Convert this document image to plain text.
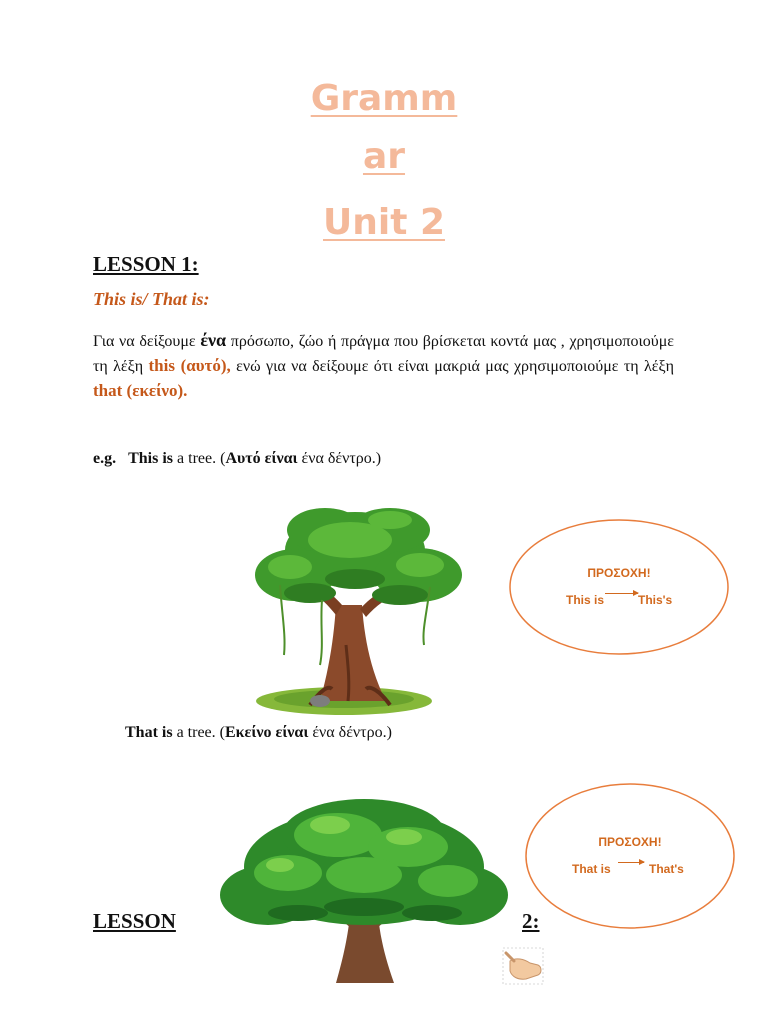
Gramm
ar
Unit 2
LESSON 1:
This is/ That is:
Για να δείξουμε ένα πρόσωπο, ζώο ή πράγμα που βρίσκεται κοντά μας , χρησιμοποιούμε τη λέξη this (αυτό), ενώ για να δείξουμε ότι είναι μακριά μας χρησιμοποιούμε τη λέξη that (εκείνο).
e.g. This is a tree. (Αυτό είναι ένα δέντρο.)
ΠΡΟΣΟΧΗ!
This is	This's
That is a tree. (Εκείνο είναι ένα δέντρο.)
ΠΡΟΣΟΧΗ!
That is	That's
LESSON	2:
